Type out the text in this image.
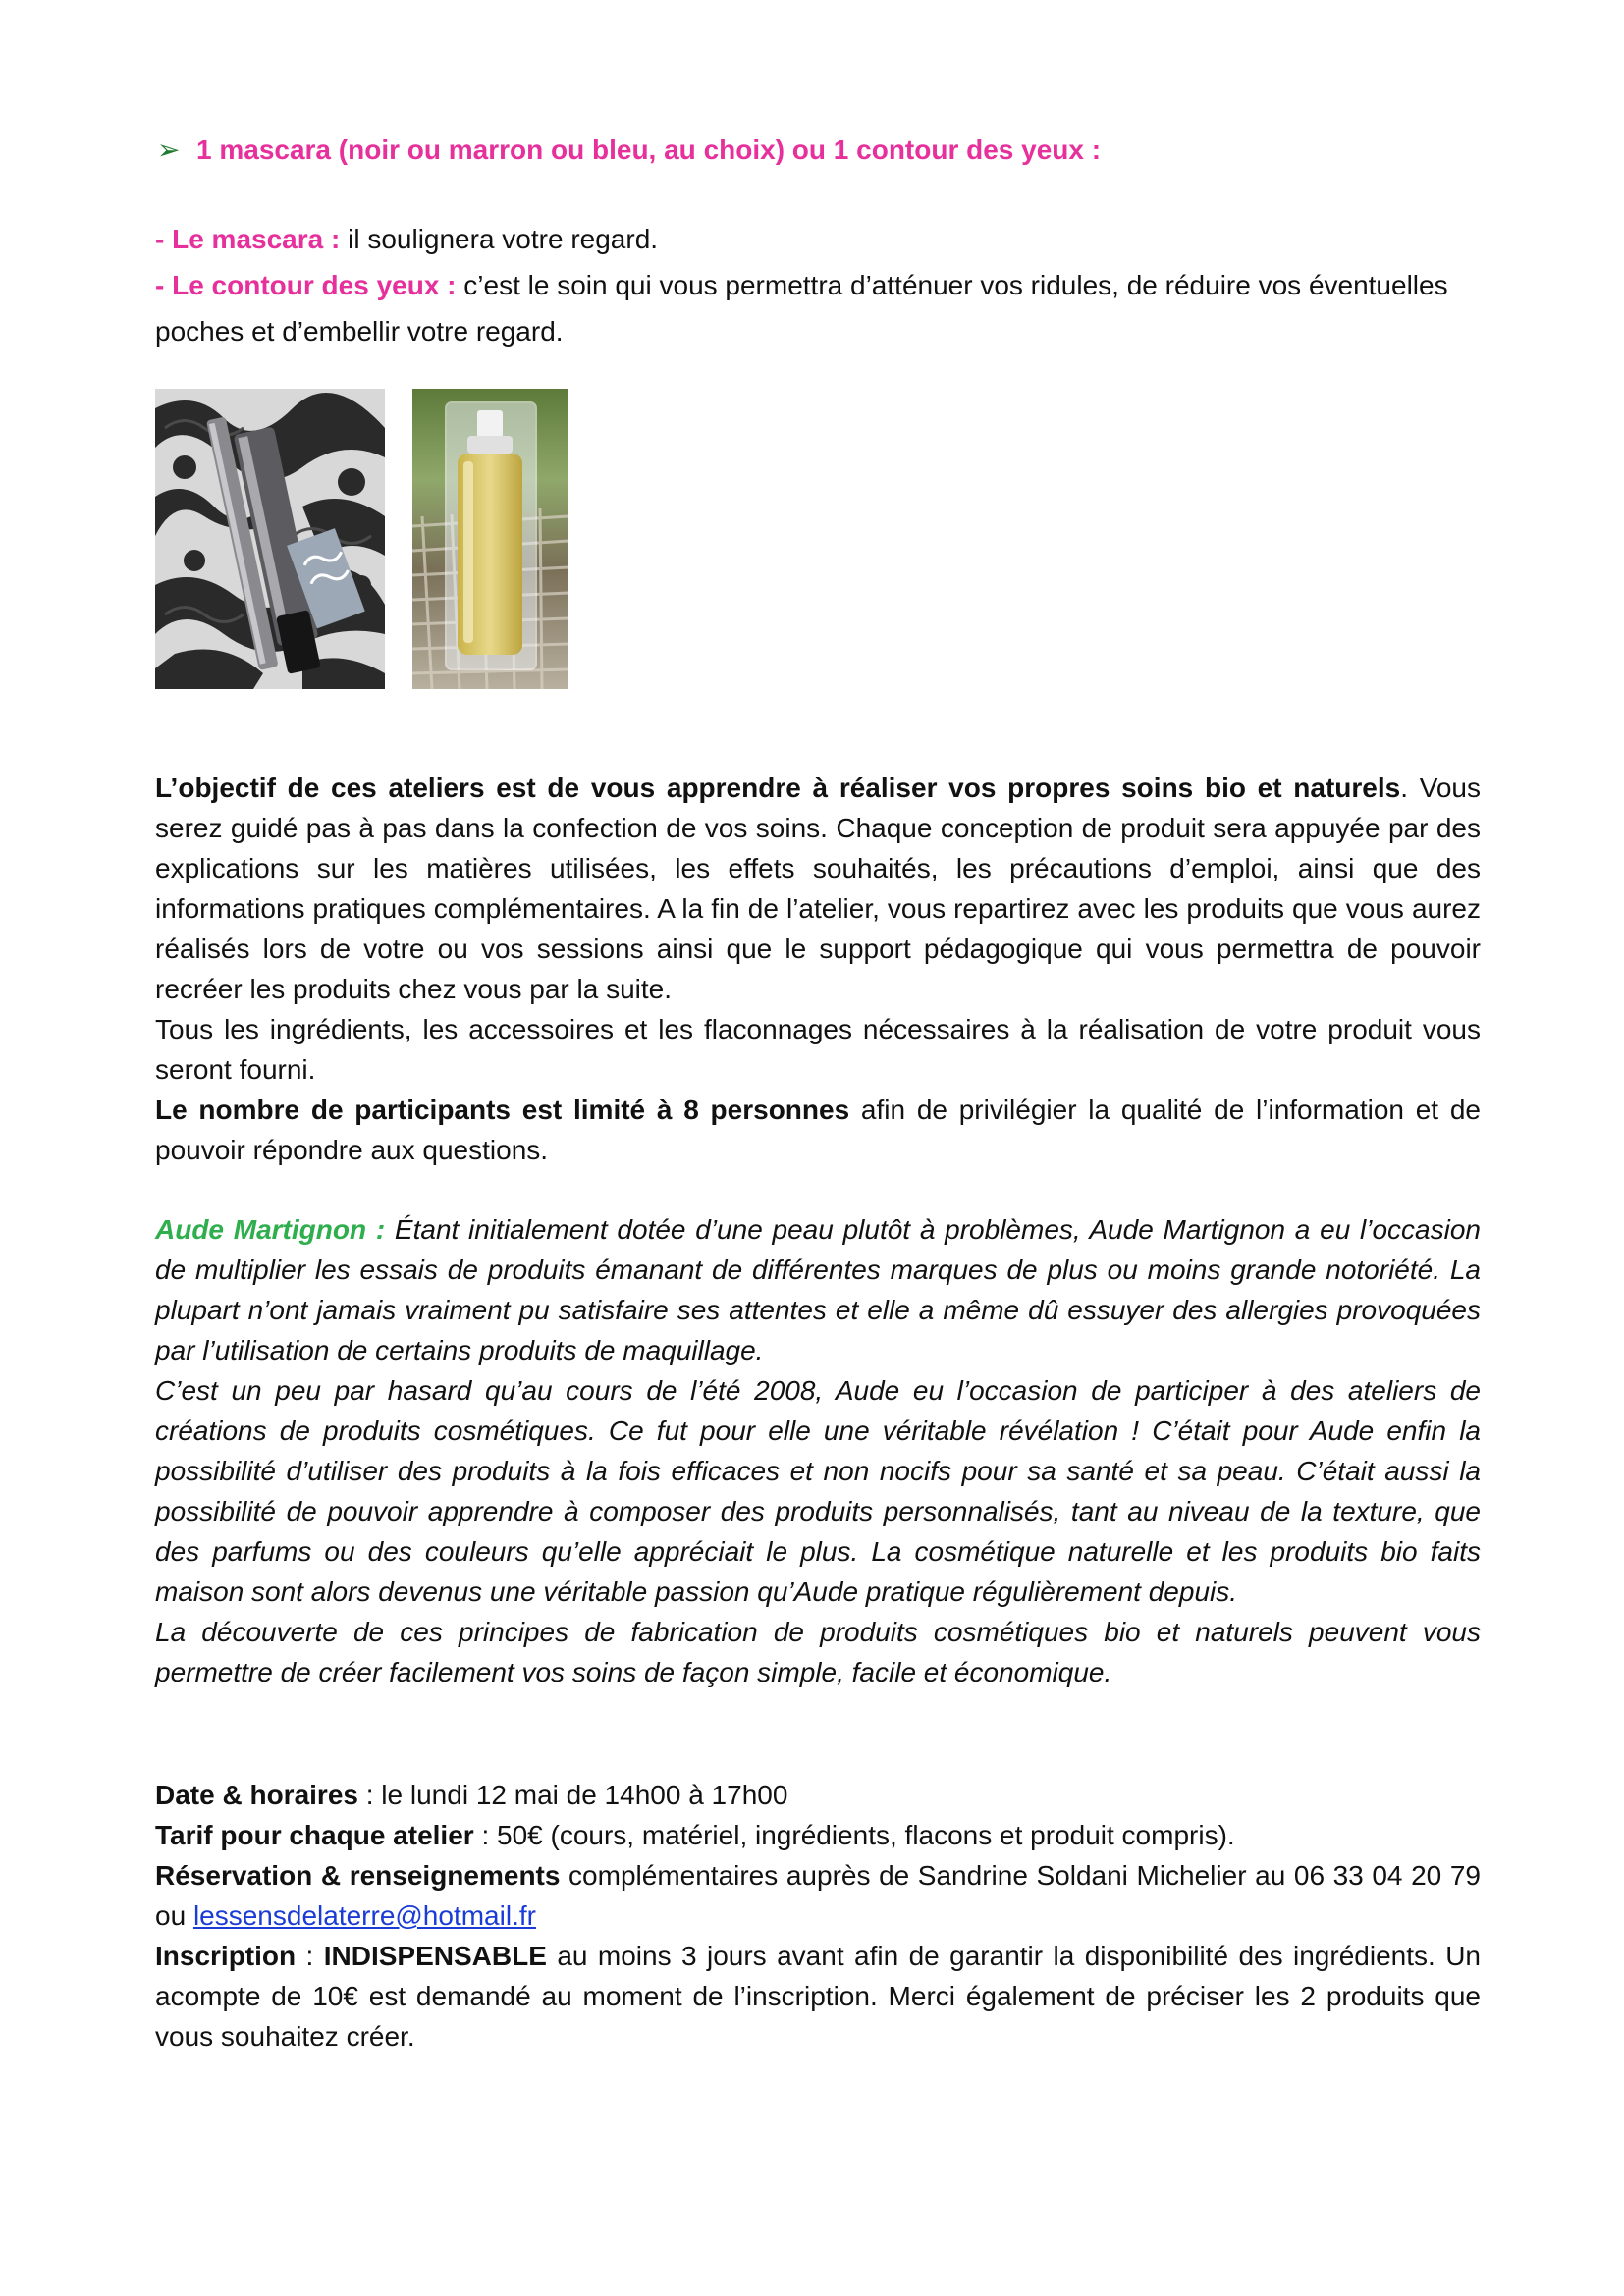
➢ 1 mascara (noir ou marron ou bleu, au choix) ou 1 contour des yeux :
- Le mascara : il soulignera votre regard.
- Le contour des yeux : c’est le soin qui vous permettra d’atténuer vos ridules, de réduire vos éventuelles poches et d’embellir votre regard.
L’objectif de ces ateliers est de vous apprendre à réaliser vos propres soins bio et naturels. Vous serez guidé pas à pas dans la confection de vos soins. Chaque conception de produit sera appuyée par des explications sur les matières utilisées, les effets souhaités, les précautions d’emploi, ainsi que des informations pratiques complémentaires. A la fin de l’atelier, vous repartirez avec les produits que vous aurez réalisés lors de votre ou vos sessions ainsi que le support pédagogique qui vous permettra de pouvoir recréer les produits chez vous par la suite.
Tous les ingrédients, les accessoires et les flaconnages nécessaires à la réalisation de votre produit vous seront fourni.
Le nombre de participants est limité à 8 personnes afin de privilégier la qualité de l’information et de pouvoir répondre aux questions.
Aude Martignon : Étant initialement dotée d’une peau plutôt à problèmes, Aude Martignon a eu l’occasion de multiplier les essais de produits émanant de différentes marques de plus ou moins grande notoriété. La plupart n’ont jamais vraiment pu satisfaire ses attentes et elle a même dû essuyer des allergies provoquées par l’utilisation de certains produits de maquillage.
C’est un peu par hasard qu’au cours de l’été 2008, Aude eu l’occasion de participer à des ateliers de créations de produits cosmétiques. Ce fut pour elle une véritable révélation ! C’était pour Aude enfin la possibilité d’utiliser des produits à la fois efficaces et non nocifs pour sa santé et sa peau. C’était aussi la possibilité de pouvoir apprendre à composer des produits personnalisés, tant au niveau de la texture, que des parfums ou des couleurs qu’elle appréciait le plus. La cosmétique naturelle et les produits bio faits maison sont alors devenus une véritable passion qu’Aude pratique régulièrement depuis.
La découverte de ces principes de fabrication de produits cosmétiques bio et naturels peuvent vous permettre de créer facilement vos soins de façon simple, facile et économique.
Date & horaires : le lundi 12 mai de 14h00 à 17h00
Tarif pour chaque atelier : 50€ (cours, matériel, ingrédients, flacons et produit compris).
Réservation & renseignements complémentaires auprès de Sandrine Soldani Michelier au 06 33 04 20 79 ou lessensdelaterre@hotmail.fr
Inscription : INDISPENSABLE au moins 3 jours avant afin de garantir la disponibilité des ingrédients. Un acompte de 10€ est demandé au moment de l’inscription. Merci également de préciser les 2 produits que vous souhaitez créer.
